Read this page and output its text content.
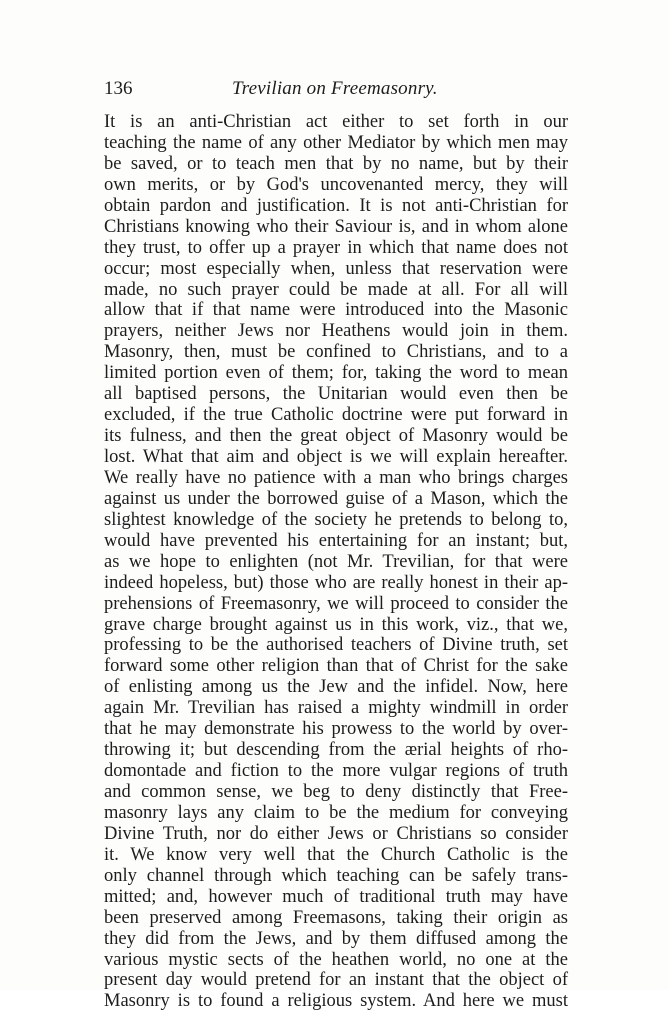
136	Trevilian on Freemasonry.
It is an anti-Christian act either to set forth in our
teaching the name of any other Mediator by which men may
be saved, or to teach men that by no name, but by their
own merits, or by God's uncovenanted mercy, they will
obtain pardon and justification. It is not anti-Christian for
Christians knowing who their Saviour is, and in whom alone
they trust, to offer up a prayer in which that name does not
occur; most especially when, unless that reservation were
made, no such prayer could be made at all. For all will
allow that if that name were introduced into the Masonic
prayers, neither Jews nor Heathens would join in them.
Masonry, then, must be confined to Christians, and to a
limited portion even of them; for, taking the word to mean
all baptised persons, the Unitarian would even then be
excluded, if the true Catholic doctrine were put forward in
its fulness, and then the great object of Masonry would be
lost. What that aim and object is we will explain hereafter.
We really have no patience with a man who brings charges
against us under the borrowed guise of a Mason, which the
slightest knowledge of the society he pretends to belong to,
would have prevented his entertaining for an instant; but,
as we hope to enlighten (not Mr. Trevilian, for that were
indeed hopeless, but) those who are really honest in their ap-
prehensions of Freemasonry, we will proceed to consider the
grave charge brought against us in this work, viz., that we,
professing to be the authorised teachers of Divine truth, set
forward some other religion than that of Christ for the sake
of enlisting among us the Jew and the infidel. Now, here
again Mr. Trevilian has raised a mighty windmill in order
that he may demonstrate his prowess to the world by over-
throwing it; but descending from the ærial heights of rho-
domontade and fiction to the more vulgar regions of truth
and common sense, we beg to deny distinctly that Free-
masonry lays any claim to be the medium for conveying
Divine Truth, nor do either Jews or Christians so consider
it. We know very well that the Church Catholic is the
only channel through which teaching can be safely trans-
mitted; and, however much of traditional truth may have
been preserved among Freemasons, taking their origin as
they did from the Jews, and by them diffused among the
various mystic sects of the heathen world, no one at the
present day would pretend for an instant that the object of
Masonry is to found a religious system. And here we must
